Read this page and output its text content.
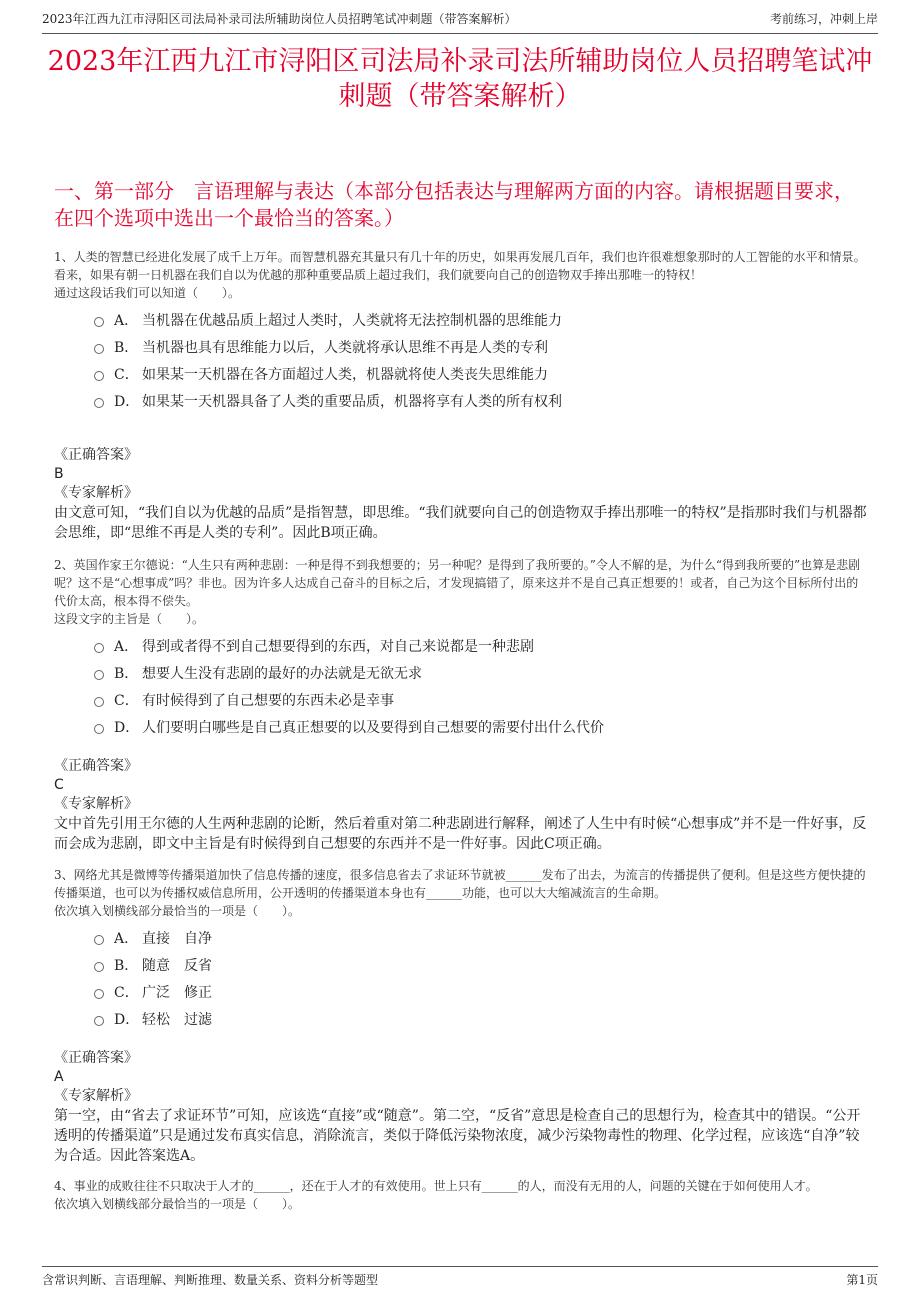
2023年江西九江市浔阳区司法局补录司法所辅助岗位人员招聘笔试冲刺题（带答案解析）	考前练习，冲刺上岸
2023年江西九江市浔阳区司法局补录司法所辅助岗位人员招聘笔试冲刺题（带答案解析）
一、第一部分　言语理解与表达（本部分包括表达与理解两方面的内容。请根据题目要求，在四个选项中选出一个最恰当的答案。）
1、人类的智慧已经进化发展了成千上万年。而智慧机器充其量只有几十年的历史，如果再发展几百年，我们也许很难想象那时的人工智能的水平和情景。看来，如果有朝一日机器在我们自以为优越的那种重要品质上超过我们，我们就要向自己的创造物双手捧出那唯一的特权！
通过这段话我们可以知道（　　）。
A． 当机器在优越品质上超过人类时，人类就将无法控制机器的思维能力
B． 当机器也具有思维能力以后，人类就将承认思维不再是人类的专利
C． 如果某一天机器在各方面超过人类，机器就将使人类丧失思维能力
D． 如果某一天机器具备了人类的重要品质，机器将享有人类的所有权利
《正确答案》
B
《专家解析》
由文意可知，“我们自以为优越的品质”是指智慧，即思维。“我们就要向自己的创造物双手捧出那唯一的特权”是指那时我们与机器都会思维，即“思维不再是人类的专利”。因此B项正确。
2、英国作家王尔德说：“人生只有两种悲剧：一种是得不到我想要的；另一种呢？是得到了我所要的。”令人不解的是，为什么“得到我所要的”也算是悲剧呢？这不是“心想事成”吗？非也。因为许多人达成自己奋斗的目标之后，才发现搞错了，原来这并不是自己真正想要的！或者，自己为这个目标所付出的代价太高，根本得不偿失。
这段文字的主旨是（　　）。
A． 得到或者得不到自己想要得到的东西，对自己来说都是一种悲剧
B． 想要人生没有悲剧的最好的办法就是无欲无求
C． 有时候得到了自己想要的东西未必是幸事
D． 人们要明白哪些是自己真正想要的以及要得到自己想要的需要付出什么代价
《正确答案》
C
《专家解析》
文中首先引用王尔德的人生两种悲剧的论断，然后着重对第二种悲剧进行解释，阐述了人生中有时候“心想事成”并不是一件好事，反而会成为悲剧，即文中主旨是有时候得到自己想要的东西并不是一件好事。因此C项正确。
3、网络尤其是微博等传播渠道加快了信息传播的速度，很多信息省去了求证环节就被______发布了出去，为流言的传播提供了便利。但是这些方便快捷的传播渠道，也可以为传播权威信息所用，公开透明的传播渠道本身也有______功能，也可以大大缩减流言的生命期。
依次填入划横线部分最恰当的一项是（　　）。
A． 直接　自净
B． 随意　反省
C． 广泛　修正
D． 轻松　过滤
《正确答案》
A
《专家解析》
第一空，由“省去了求证环节”可知，应该选“直接”或“随意”。第二空，“反省”意思是检查自己的思想行为，检查其中的错误。“公开透明的传播渠道”只是通过发布真实信息，消除流言，类似于降低污染物浓度，减少污染物毒性的物理、化学过程，应该选“自净”较为合适。因此答案选A。
4、事业的成败往往不只取决于人才的______，还在于人才的有效使用。世上只有______的人，而没有无用的人，问题的关键在于如何使用人才。
依次填入划横线部分最恰当的一项是（　　）。
含常识判断、言语理解、判断推理、数量关系、资料分析等题型	第1页
